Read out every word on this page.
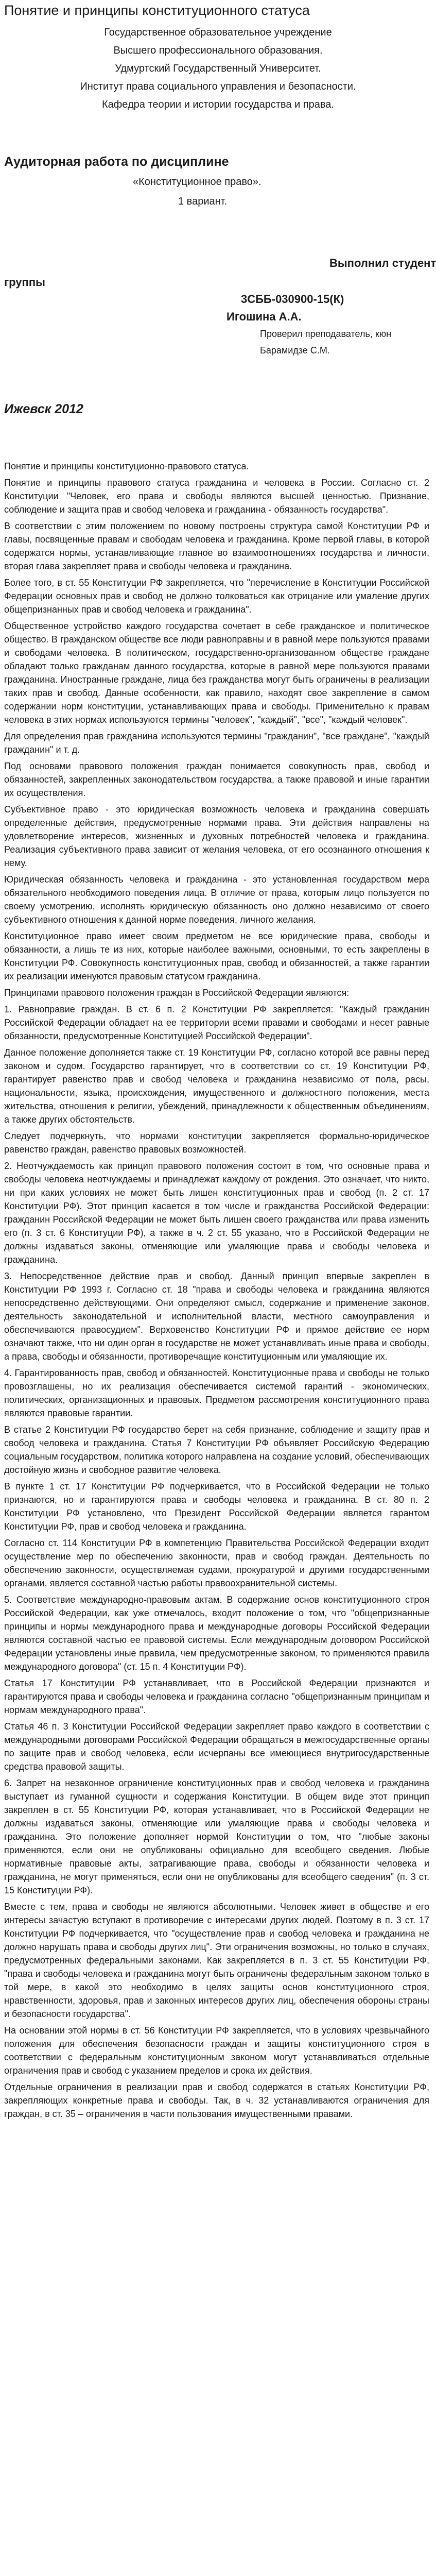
Понятие и принципы конституционного статуса
Государственное образовательное учреждение
Высшего профессионального образования.
Удмуртский Государственный Университет.
Институт права социального управления и безопасности.
Кафедра теории и истории государства и права.
Аудиторная работа по дисциплине
«Конституционное право».
1 вариант.
Выполнил студент
группы
3СББ-030900-15(К)
Игошина А.А.
Проверил преподаватель, кюн
Барамидзе С.М.
Ижевск 2012

Понятие и принципы конституционно-правового статуса.

Понятие и принципы правового статуса гражданина и человека в России. Согласно ст. 2 Конституции "Человек, его права и свободы являются высшей ценностью. Признание, соблюдение и защита прав и свобод человека и гражданина - обязанность государства".

В соответствии с этим положением по новому построены структура самой Конституции РФ и главы, посвященные правам и свободам человека и гражданина. Кроме первой главы, в которой содержатся нормы, устанавливающие главное во взаимоотношениях государства и личности, вторая глава закрепляет права и свободы человека и гражданина.

Более того, в ст. 55 Конституции РФ закрепляется, что "перечисление в Конституции Российской Федерации основных прав и свобод не должно толковаться как отрицание или умаление других общепризнанных прав и свобод человека и гражданина".

Общественное устройство каждого государства сочетает в себе гражданское и политическое общество. В гражданском обществе все люди равноправны и в равной мере пользуются правами и свободами человека. В политическом, государственно-организованном обществе граждане обладают только гражданам данного государства, которые в равной мере пользуются правами гражданина. Иностранные граждане, лица без гражданства могут быть ограничены в реализации таких прав и свобод. Данные особенности, как правило, находят свое закрепление в самом содержании норм конституции, устанавливающих права и свободы. Применительно к правам человека в этих нормах используются термины "человек", "каждый", "все", "каждый человек".

Для определения прав гражданина используются термины "гражданин", "все граждане", "каждый гражданин" и т. д.

Под основами правового положения граждан понимается совокупность прав, свобод и обязанностей, закрепленных законодательством государства, а также правовой и иные гарантии их осуществления.

Субъективное право - это юридическая возможность человека и гражданина совершать определенные действия, предусмотренные нормами права. Эти действия направлены на удовлетворение интересов, жизненных и духовных потребностей человека и гражданина. Реализация субъективного права зависит от желания человека, от его осознанного отношения к нему.

Юридическая обязанность человека и гражданина - это установленная государством мера обязательного необходимого поведения лица. В отличие от права, которым лицо пользуется по своему усмотрению, исполнять юридическую обязанность оно должно независимо от своего субъективного отношения к данной норме поведения, личного желания.

Конституционное право имеет своим предметом не все юридические права, свободы и обязанности, а лишь те из них, которые наиболее важными, основными, то есть закреплены в Конституции РФ. Совокупность конституционных прав, свобод и обязанностей, а также гарантии их реализации именуются правовым статусом гражданина.

Принципами правового положения граждан в Российской Федерации являются:

1. Равноправие граждан. В ст. 6 п. 2 Конституции РФ закрепляется: "Каждый гражданин Российской Федерации обладает на ее территории всеми правами и свободами и несет равные обязанности, предусмотренные Конституцией Российской Федерации".

Данное положение дополняется также ст. 19 Конституции РФ, согласно которой все равны перед законом и судом. Государство гарантирует, что в соответствии со ст. 19 Конституции РФ, гарантирует равенство прав и свобод человека и гражданина независимо от пола, расы, национальности, языка, происхождения, имущественного и должностного положения, места жительства, отношения к религии, убеждений, принадлежности к общественным объединениям, а также других обстоятельств.

Следует подчеркнуть, что нормами конституции закрепляется формально-юридическое равенство граждан, равенство правовых возможностей.

2. Неотчуждаемость как принцип правового положения состоит в том, что основные права и свободы человека неотчуждаемы и принадлежат каждому от рождения. Это означает, что никто, ни при каких условиях не может быть лишен конституционных прав и свобод (п. 2 ст. 17 Конституции РФ). Этот принцип касается в том числе и гражданства Российской Федерации: гражданин Российской Федерации не может быть лишен своего гражданства или права изменить его (п. 3 ст. 6 Конституции РФ), а также в ч. 2 ст. 55 указано, что в Российской Федерации не должны издаваться законы, отменяющие или умаляющие права и свободы человека и гражданина.

3. Непосредственное действие прав и свобод. Данный принцип впервые закреплен в Конституции РФ 1993 г. Согласно ст. 18 "права и свободы человека и гражданина являются непосредственно действующими. Они определяют смысл, содержание и применение законов, деятельность законодательной и исполнительной власти, местного самоуправления и обеспечиваются правосудием". Верховенство Конституции РФ и прямое действие ее норм означают также, что ни один орган в государстве не может устанавливать иные права и свободы, а права, свободы и обязанности, противоречащие конституционным или умаляющие их.

4. Гарантированность прав, свобод и обязанностей. Конституционные права и свободы не только провозглашены, но их реализация обеспечивается системой гарантий - экономических, политических, организационных и правовых. Предметом рассмотрения конституционного права являются правовые гарантии.

В статье 2 Конституции РФ государство берет на себя признание, соблюдение и защиту прав и свобод человека и гражданина. Статья 7 Конституции РФ объявляет Российскую Федерацию социальным государством, политика которого направлена на создание условий, обеспечивающих достойную жизнь и свободное развитие человека.

В пункте 1 ст. 17 Конституции РФ подчеркивается, что в Российской Федерации не только признаются, но и гарантируются права и свободы человека и гражданина. В ст. 80 п. 2 Конституции РФ установлено, что Президент Российской Федерации является гарантом Конституции РФ, прав и свобод человека и гражданина.

Согласно ст. 114 Конституции РФ в компетенцию Правительства Российской Федерации входит осуществление мер по обеспечению законности, прав и свобод граждан. Деятельность по обеспечению законности, осуществляемая судами, прокуратурой и другими государственными органами, является составной частью работы правоохранительной системы.

5. Соответствие международно-правовым актам. В содержание основ конституционного строя Российской Федерации, как уже отмечалось, входит положение о том, что "общепризнанные принципы и нормы международного права и международные договоры Российской Федерации являются составной частью ее правовой системы. Если международным договором Российской Федерации установлены иные правила, чем предусмотренные законом, то применяются правила международного договора" (ст. 15 п. 4 Конституции РФ).

Статья 17 Конституции РФ устанавливает, что в Российской Федерации признаются и гарантируются права и свободы человека и гражданина согласно "общепризнанным принципам и нормам международного права".

Статья 46 п. 3 Конституции Российской Федерации закрепляет право каждого в соответствии с международными договорами Российской Федерации обращаться в межгосударственные органы по защите прав и свобод человека, если исчерпаны все имеющиеся внутригосударственные средства правовой защиты.

6. Запрет на незаконное ограничение конституционных прав и свобод человека и гражданина выступает из гуманной сущности и содержания Конституции. В общем виде этот принцип закреплен в ст. 55 Конституции РФ, которая устанавливает, что в Российской Федерации не должны издаваться законы, отменяющие или умаляющие права и свободы человека и гражданина. Это положение дополняет нормой Конституции о том, что "любые законы применяются, если они не опубликованы официально для всеобщего сведения. Любые нормативные правовые акты, затрагивающие права, свободы и обязанности человека и гражданина, не могут применяться, если они не опубликованы для всеобщего сведения" (п. 3 ст. 15 Конституции РФ).

Вместе с тем, права и свободы не являются абсолютными. Человек живет в обществе и его интересы зачастую вступают в противоречие с интересами других людей. Поэтому в п. 3 ст. 17 Конституции РФ подчеркивается, что "осуществление прав и свобод человека и гражданина не должно нарушать права и свободы других лиц". Эти ограничения возможны, но только в случаях, предусмотренных федеральными законами. Как закрепляется в п. 3 ст. 55 Конституции РФ, "права и свободы человека и гражданина могут быть ограничены федеральным законом только в той мере, в какой это необходимо в целях защиты основ конституционного строя, нравственности, здоровья, прав и законных интересов других лиц, обеспечения обороны страны и безопасности государства".

На основании этой нормы в ст. 56 Конституции РФ закрепляется, что в условиях чрезвычайного положения для обеспечения безопасности граждан и защиты конституционного строя в соответствии с федеральным конституционным законом могут устанавливаться отдельные ограничения прав и свобод с указанием пределов и срока их действия.

Отдельные ограничения в реализации прав и свобод содержатся в статьях Конституции РФ, закрепляющих конкретные права и свободы. Так, в ч. 32 устанавливаются ограничения для граждан, в ст. 35 – ограничения в части пользования имущественными правами.
